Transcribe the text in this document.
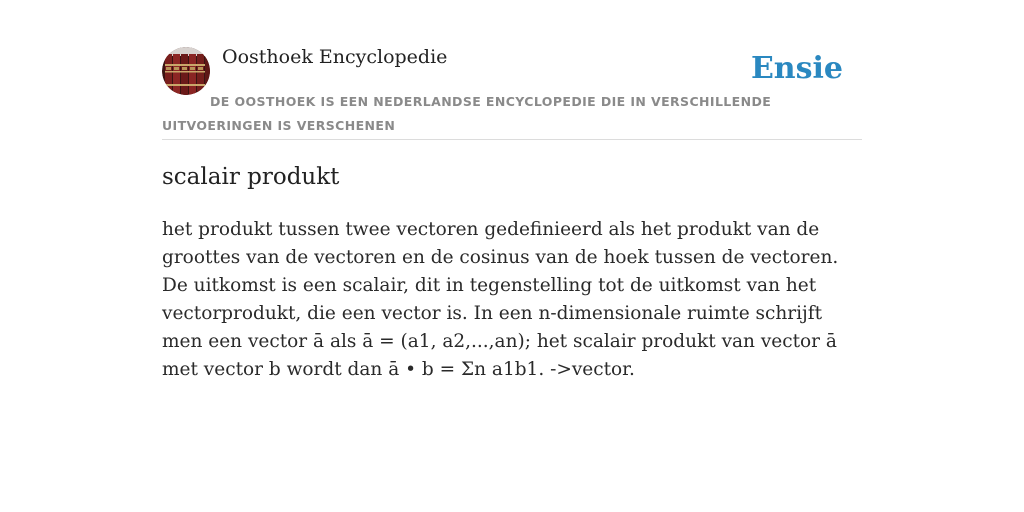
Oosthoek Encyclopedie	Ensie
DE OOSTHOEK IS EEN NEDERLANDSE ENCYCLOPEDIE DIE IN VERSCHILLENDE UITVOERINGEN IS VERSCHENEN
scalair produkt

het produkt tussen twee vectoren gedefinieerd als het produkt van de groottes van de vectoren en de cosinus van de hoek tussen de vectoren. De uitkomst is een scalair, dit in tegenstelling tot de uitkomst van het vectorprodukt, die een vector is. In een n-dimensionale ruimte schrijft men een vector ā als ā = (a1, a2,...,an); het scalair produkt van vector ā met vector b wordt dan ā • b = Σn a1b1. ->vector.
